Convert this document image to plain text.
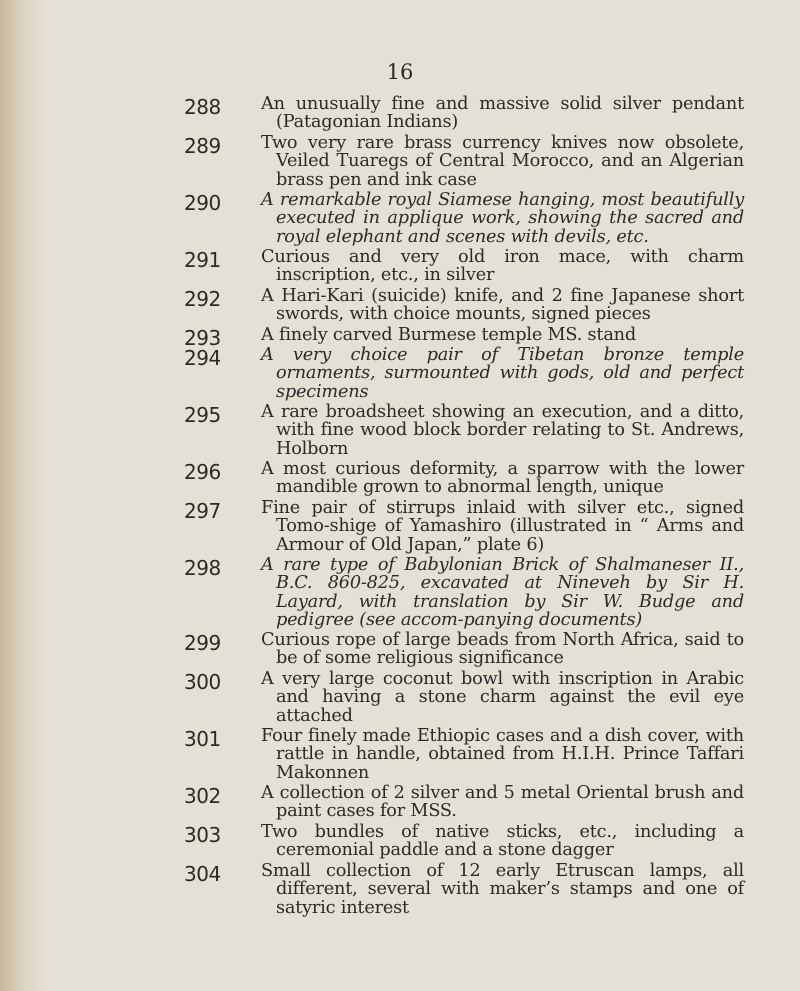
16
288	An unusually fine and massive solid silver pendant (Patagonian Indians)
289	Two very rare brass currency knives now obsolete, Veiled Tuaregs of Central Morocco, and an Algerian brass pen and ink case
290	A remarkable royal Siamese hanging, most beautifully executed in applique work, showing the sacred and royal elephant and scenes with devils, etc.
291	Curious and very old iron mace, with charm inscription, etc., in silver
292	A Hari-Kari (suicide) knife, and 2 fine Japanese short swords, with choice mounts, signed pieces
293	A finely carved Burmese temple MS. stand
294	A very choice pair of Tibetan bronze temple ornaments, surmounted with gods, old and perfect specimens
295	A rare broadsheet showing an execution, and a ditto, with fine wood block border relating to St. Andrews, Holborn
296	A most curious deformity, a sparrow with the lower mandible grown to abnormal length, unique
297	Fine pair of stirrups inlaid with silver etc., signed Tomo-shige of Yamashiro (illustrated in “ Arms and Armour of Old Japan,” plate 6)
298	A rare type of Babylonian Brick of Shalmaneser II., B.C. 860-825, excavated at Nineveh by Sir H. Layard, with translation by Sir W. Budge and pedigree (see accom-panying documents)
299	Curious rope of large beads from North Africa, said to be of some religious significance
300	A very large coconut bowl with inscription in Arabic and having a stone charm against the evil eye attached
301	Four finely made Ethiopic cases and a dish cover, with rattle in handle, obtained from H.I.H. Prince Taffari Makonnen
302	A collection of 2 silver and 5 metal Oriental brush and paint cases for MSS.
303	Two bundles of native sticks, etc., including a ceremonial paddle and a stone dagger
304	Small collection of 12 early Etruscan lamps, all different, several with maker’s stamps and one of satyric interest
